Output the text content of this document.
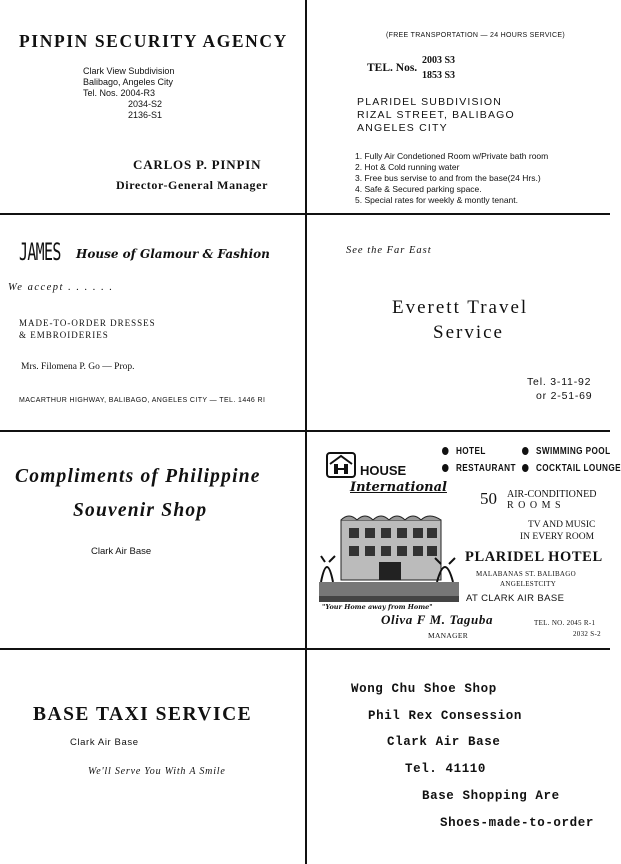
PINPIN SECURITY AGENCY
Clark View Subdivision
Balibago, Angeles City
Tel. Nos. 2004-R3
2034-S2
2136-S1
CARLOS P. PINPIN
Director-General Manager
(FREE TRANSPORTATION — 24 HOURS SERVICE)
TEL. Nos.
2003 S3
1853 S3
PLARIDEL SUBDIVISION
RIZAL STREET, BALIBAGO
ANGELES CITY
1. Fully Air Condetioned Room w/Private bath room
2. Hot & Cold running water
3. Free bus servise to and from the base(24 Hrs.)
4. Safe & Secured parking space.
5. Special rates for weekly & montly tenant.
JAMES House of Glamour & Fashion
We accept . . . . . .
MADE-TO-ORDER DRESSES
& EMBROIDERIES
Mrs. Filomena P. Go — Prop.
MACARTHUR HIGHWAY, BALIBAGO, ANGELES CITY — TEL. 1446 RI
See the Far East
Everett Travel
Service
Tel. 3-11-92
or 2-51-69
Compliments of Philippine
Souvenir Shop
Clark Air Base
HOUSE
International
HOTEL	SWIMMING POOL
RESTAURANT	COCKTAIL LOUNGE
50 AIR-CONDITIONED
R O O M S
TV AND MUSIC
IN EVERY ROOM
"Your Home away from Home"
PLARIDEL HOTEL
MALABANAS ST. BALIBAGO
ANGELESTCITY
AT CLARK AIR BASE
Oliva F M. Taguba
MANAGER
TEL. NO. 2045 R-1
2032 S-2
BASE TAXI SERVICE
Clark Air Base
We'll Serve You With A Smile
Wong Chu Shoe Shop
Phil Rex Consession
Clark Air Base
Tel. 41110
Base Shopping Are
Shoes-made-to-order
